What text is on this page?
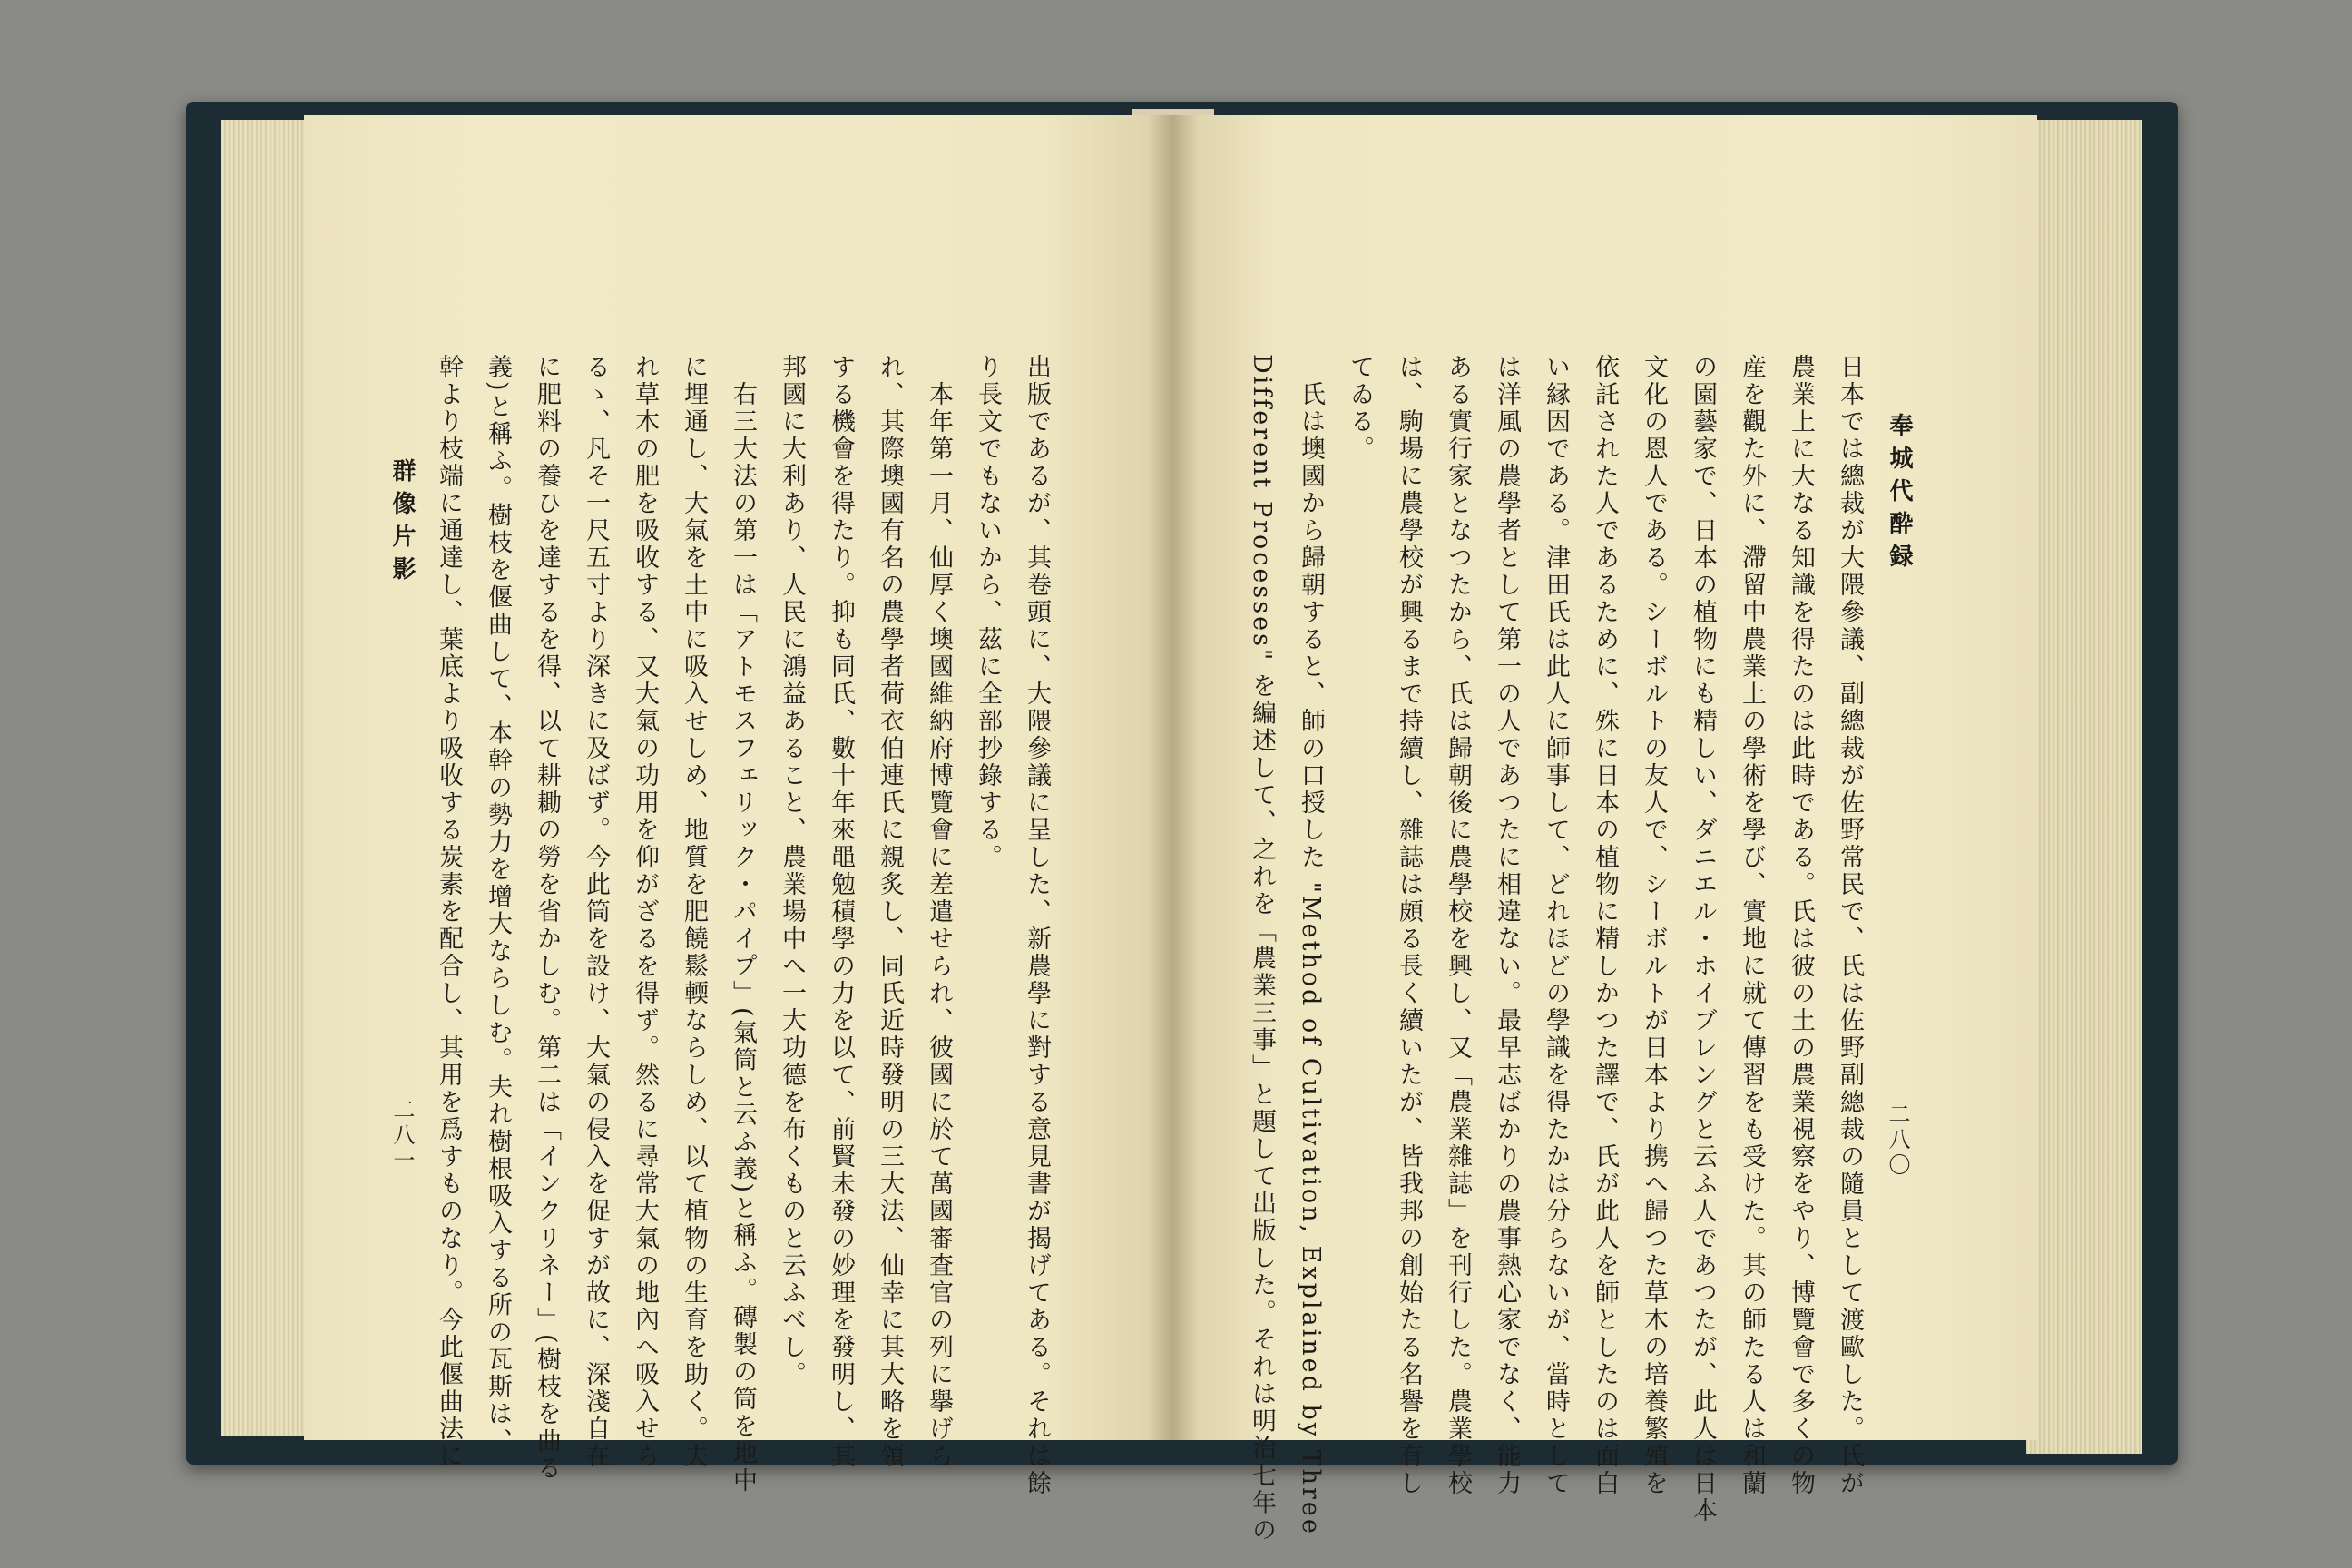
奉城代酔録
二八〇
日本では總裁が大隈參議、副總裁が佐野常民で、氏は佐野副總裁の隨員として渡歐した。氏が
農業上に大なる知識を得たのは此時である。氏は彼の土の農業視察をやり、博覽會で多くの物
産を觀た外に、滯留中農業上の學術を學び、實地に就て傳習をも受けた。其の師たる人は和蘭
の園藝家で、日本の植物にも精しい、ダニエル・ホイブレングと云ふ人であつたが、此人は日本
文化の恩人である。シーボルトの友人で、シーボルトが日本より携へ歸つた草木の培養繁殖を
依託された人であるために、殊に日本の植物に精しかつた譯で、氏が此人を師としたのは面白
い縁因である。津田氏は此人に師事して、どれほどの學識を得たかは分らないが、當時として
は洋風の農學者として第一の人であつたに相違ない。最早志ばかりの農事熱心家でなく、能力
ある實行家となつたから、氏は歸朝後に農學校を興し、又「農業雜誌」を刊行した。農業學校
は、駒場に農學校が興るまで持續し、雜誌は頗る長く續いたが、皆我邦の創始たる名譽を有し
てゐる。
氏は墺國から歸朝すると、師の口授した "Method of Cultivation, Explained by Three
Different Processes" を編述して、之れを「農業三事」と題して出版した。それは明治七年の
群像片影
二八一	出版であるが、其卷頭に、大隈參議に呈した、新農學に對する意見書が揭げてある。それは餘
り長文でもないから、茲に全部抄錄する。
本年第一月、仙厚く墺國維納府博覽會に差遣せられ、彼國に於て萬國審査官の列に擧げら
れ、其際墺國有名の農學者荷衣伯連氏に親炙し、同氏近時發明の三大法、仙幸に其大略を領
する機會を得たり。抑も同氏、數十年來黽勉積學の力を以て、前賢未發の妙理を發明し、其
邦國に大利あり、人民に鴻益あること、農業場中へ一大功德を布くものと云ふべし。
右三大法の第一は「アトモスフェリック・パイプ」(氣筒と云ふ義)と稱ふ。磚製の筒を地中
に埋通し、大氣を土中に吸入せしめ、地質を肥饒鬆輭ならしめ、以て植物の生育を助く。夫
れ草木の肥を吸收する、又大氣の功用を仰がざるを得ず。然るに尋常大氣の地內へ吸入せら
るゝ、凡そ一尺五寸より深きに及ばず。今此筒を設け、大氣の侵入を促すが故に、深淺自在
に肥料の養ひを達するを得、以て耕耡の勞を省かしむ。第二は「インクリネー」(樹枝を曲る
義)と稱ふ。樹枝を偃曲して、本幹の勢力を增大ならしむ。夫れ樹根吸入する所の瓦斯は、
幹より枝端に通達し、葉底より吸收する炭素を配合し、其用を爲すものなり。今此偃曲法に
